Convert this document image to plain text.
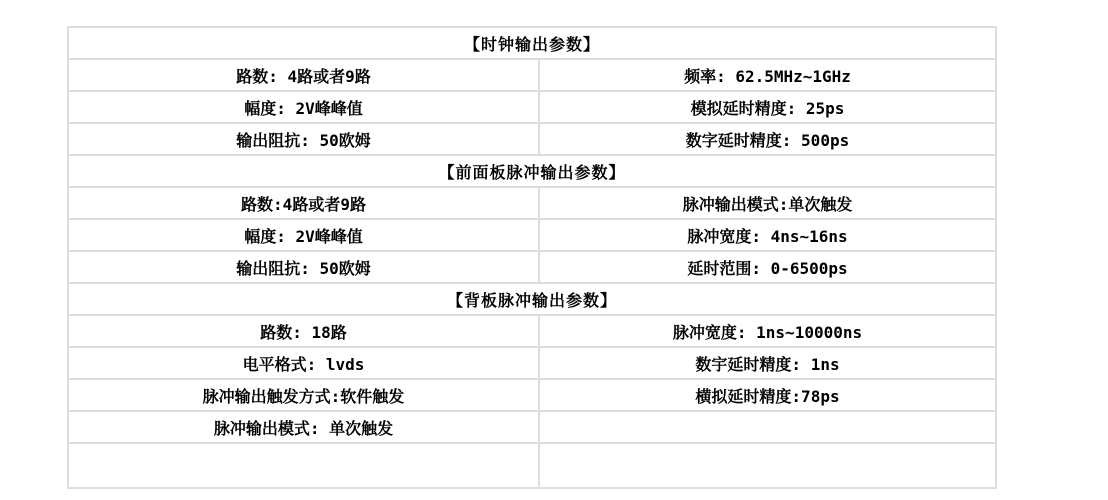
【时钟输出参数】	
路数: 4路或者9路	频率: 62.5MHz~1GHz
幅度: 2V峰峰值	模拟延时精度: 25ps
输出阻抗: 50欧姆	数字延时精度: 500ps
【前面板脉冲输出参数】	
路数:4路或者9路	脉冲输出模式:单次触发
幅度: 2V峰峰值	脉冲宽度: 4ns~16ns
输出阻抗: 50欧姆	延时范围: 0-6500ps
【背板脉冲输出参数】	
路数: 18路	脉冲宽度: 1ns~10000ns
电平格式: lvds	数宇延时精度: 1ns
脉冲输出触发方式:软件触发	横拟延时精度:78ps
脉冲输出模式: 单次触发	
